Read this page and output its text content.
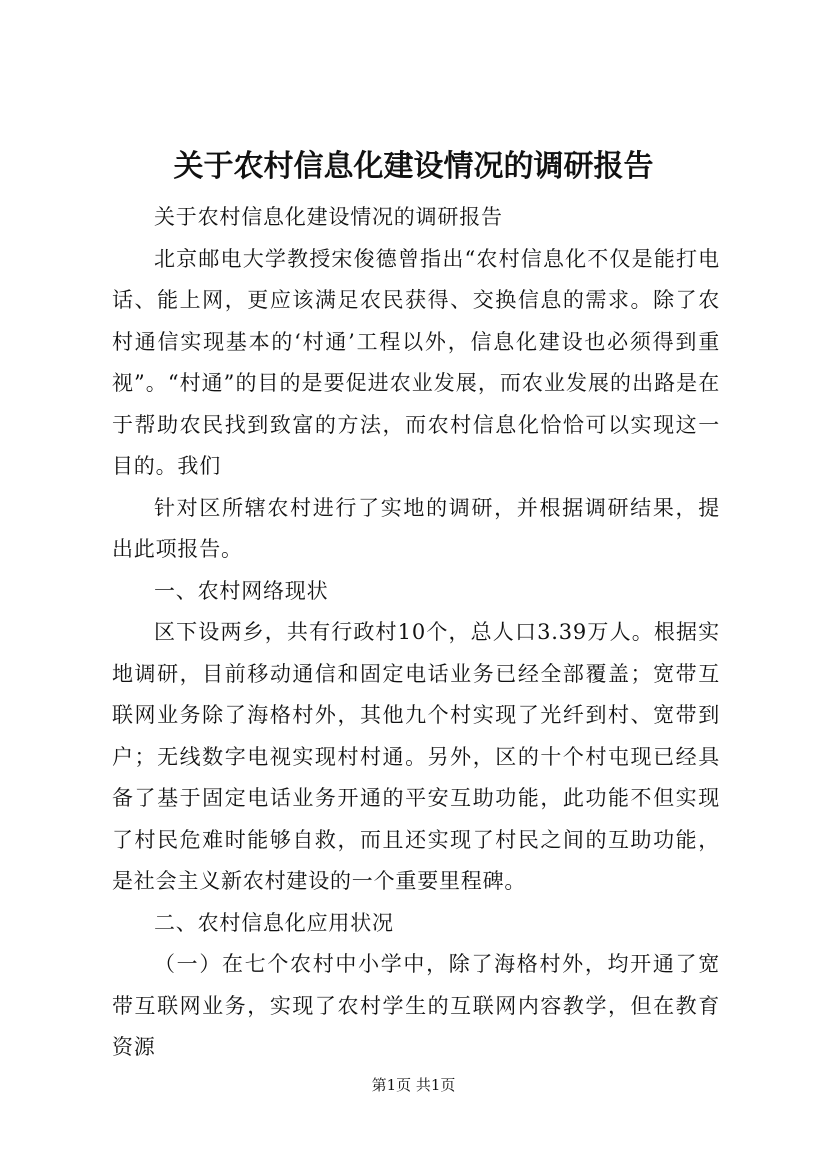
关于农村信息化建设情况的调研报告

关于农村信息化建设情况的调研报告

北京邮电大学教授宋俊德曾指出“农村信息化不仅是能打电话、能上网，更应该满足农民获得、交换信息的需求。除了农村通信实现基本的‘村通’工程以外，信息化建设也必须得到重视”。“村通”的目的是要促进农业发展，而农业发展的出路是在于帮助农民找到致富的方法，而农村信息化恰恰可以实现这一目的。我们

针对区所辖农村进行了实地的调研，并根据调研结果，提出此项报告。

一、农村网络现状

区下设两乡，共有行政村10个，总人口3.39万人。根据实地调研，目前移动通信和固定电话业务已经全部覆盖；宽带互联网业务除了海格村外，其他九个村实现了光纤到村、宽带到户；无线数字电视实现村村通。另外，区的十个村屯现已经具备了基于固定电话业务开通的平安互助功能，此功能不但实现了村民危难时能够自救，而且还实现了村民之间的互助功能，是社会主义新农村建设的一个重要里程碑。

二、农村信息化应用状况

（一）在七个农村中小学中，除了海格村外，均开通了宽带互联网业务，实现了农村学生的互联网内容教学，但在教育资源

第1页 共1页
